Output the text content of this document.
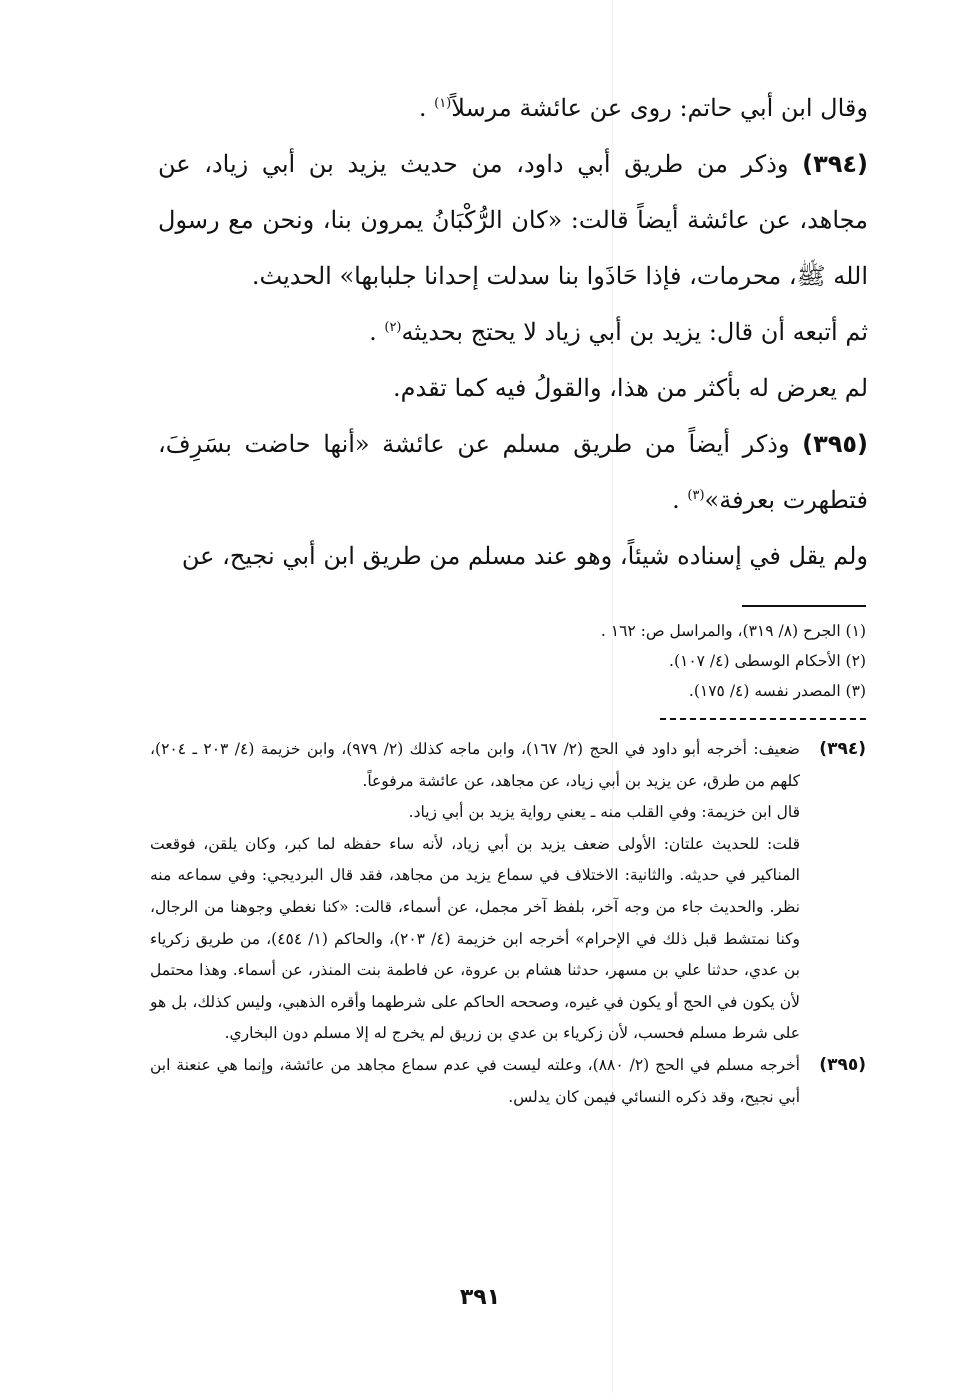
وقال ابن أبي حاتم: روى عن عائشة مرسلاً$^{(١)}$ .

(٣٩٤) وذكر من طريق أبي داود، من حديث يزيد بن أبي زياد، عن مجاهد، عن عائشة أيضاً قالت: «كان الرُّكْبَانُ يمرون بنا، ونحن مع رسول الله ﷺ، محرمات، فإذا حَاذَوا بنا سدلت إحدانا جلبابها» الحديث.

ثم أتبعه أن قال: يزيد بن أبي زياد لا يحتج بحديثه$^{(٢)}$ .

لم يعرض له بأكثر من هذا، والقولُ فيه كما تقدم.

(٣٩٥) وذكر أيضاً من طريق مسلم عن عائشة «أنها حاضت بسَرِفَ، فتطهرت بعرفة»$^{(٣)}$ .

ولم يقل في إسناده شيئاً، وهو عند مسلم من طريق ابن أبي نجيح، عن

(١) الجرح (٨/ ٣١٩)، والمراسل ص: ١٦٢ .

(٢) الأحكام الوسطى (٤/ ١٠٧).

(٣) المصدر نفسه (٤/ ١٧٥).

(٣٩٤)

ضعيف: أخرجه أبو داود في الحج (٢/ ١٦٧)، وابن ماجه كذلك (٢/ ٩٧٩)، وابن خزيمة (٤/ ٢٠٣ ـ ٢٠٤)، كلهم من طرق، عن يزيد بن أبي زياد، عن مجاهد، عن عائشة مرفوعاً.

قال ابن خزيمة: وفي القلب منه ـ يعني رواية يزيد بن أبي زياد.

قلت: للحديث علتان: الأولى ضعف يزيد بن أبي زياد، لأنه ساء حفظه لما كبر، وكان يلقن، فوقعت المناكير في حديثه. والثانية: الاختلاف في سماع يزيد من مجاهد، فقد قال البرديجي: وفي سماعه منه نظر. والحديث جاء من وجه آخر، بلفظ آخر مجمل، عن أسماء، قالت: «كنا نغطي وجوهنا من الرجال، وكنا نمتشط قبل ذلك في الإحرام» أخرجه ابن خزيمة (٤/ ٢٠٣)، والحاكم (١/ ٤٥٤)، من طريق زكرياء بن عدي، حدثنا علي بن مسهر، حدثنا هشام بن عروة، عن فاطمة بنت المنذر، عن أسماء. وهذا محتمل لأن يكون في الحج أو يكون في غيره، وصححه الحاكم على شرطهما وأقره الذهبي، وليس كذلك، بل هو على شرط مسلم فحسب، لأن زكرياء بن عدي بن زريق لم يخرج له إلا مسلم دون البخاري.

(٣٩٥)

أخرجه مسلم في الحج (٢/ ٨٨٠)، وعلته ليست في عدم سماع مجاهد من عائشة، وإنما هي عنعنة ابن أبي نجيح، وقد ذكره النسائي فيمن كان يدلس.

٣٩١
